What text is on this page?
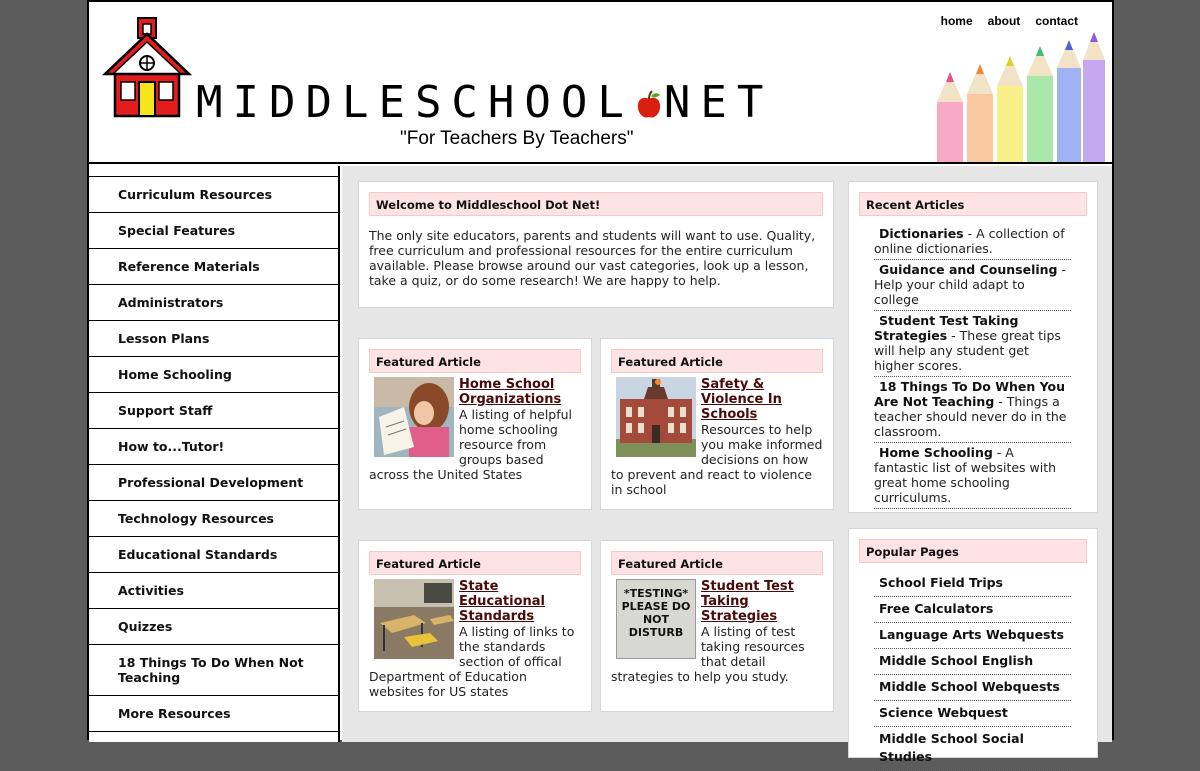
home about contact
MIDDLESCHOOL NET
"For Teachers By Teachers"
Curriculum Resources
Special Features
Reference Materials
Administrators
Lesson Plans
Home Schooling
Support Staff
How to...Tutor!
Professional Development
Technology Resources
Educational Standards
Activities
Quizzes
18 Things To Do When Not Teaching
More Resources
Welcome to Middleschool Dot Net!
The only site educators, parents and students will want to use. Quality, free curriculum and professional resources for the entire curriculum available. Please browse around our vast categories, look up a lesson, take a quiz, or do some research! We are happy to help.
Featured Article
Home School Organizations
A listing of helpful home schooling resource from groups based across the United States
Featured Article
Safety & Violence In Schools
Resources to help you make informed decisions on how to prevent and react to violence in school
Featured Article
State Educational Standards
A listing of links to the standards section of offical Department of Education websites for US states
Featured Article
*TESTING* PLEASE DO NOT DISTURB
Student Test Taking Strategies
A listing of test taking resources that detail strategies to help you study.
Recent Articles
Dictionaries - A collection of online dictionaries.
Guidance and Counseling - Help your child adapt to college
Student Test Taking Strategies - These great tips will help any student get higher scores.
18 Things To Do When You Are Not Teaching - Things a teacher should never do in the classroom.
Home Schooling - A fantastic list of websites with great home schooling curriculums.
Popular Pages
School Field Trips
Free Calculators
Language Arts Webquests
Middle School English
Middle School Webquests
Science Webquest
Middle School Social Studies
